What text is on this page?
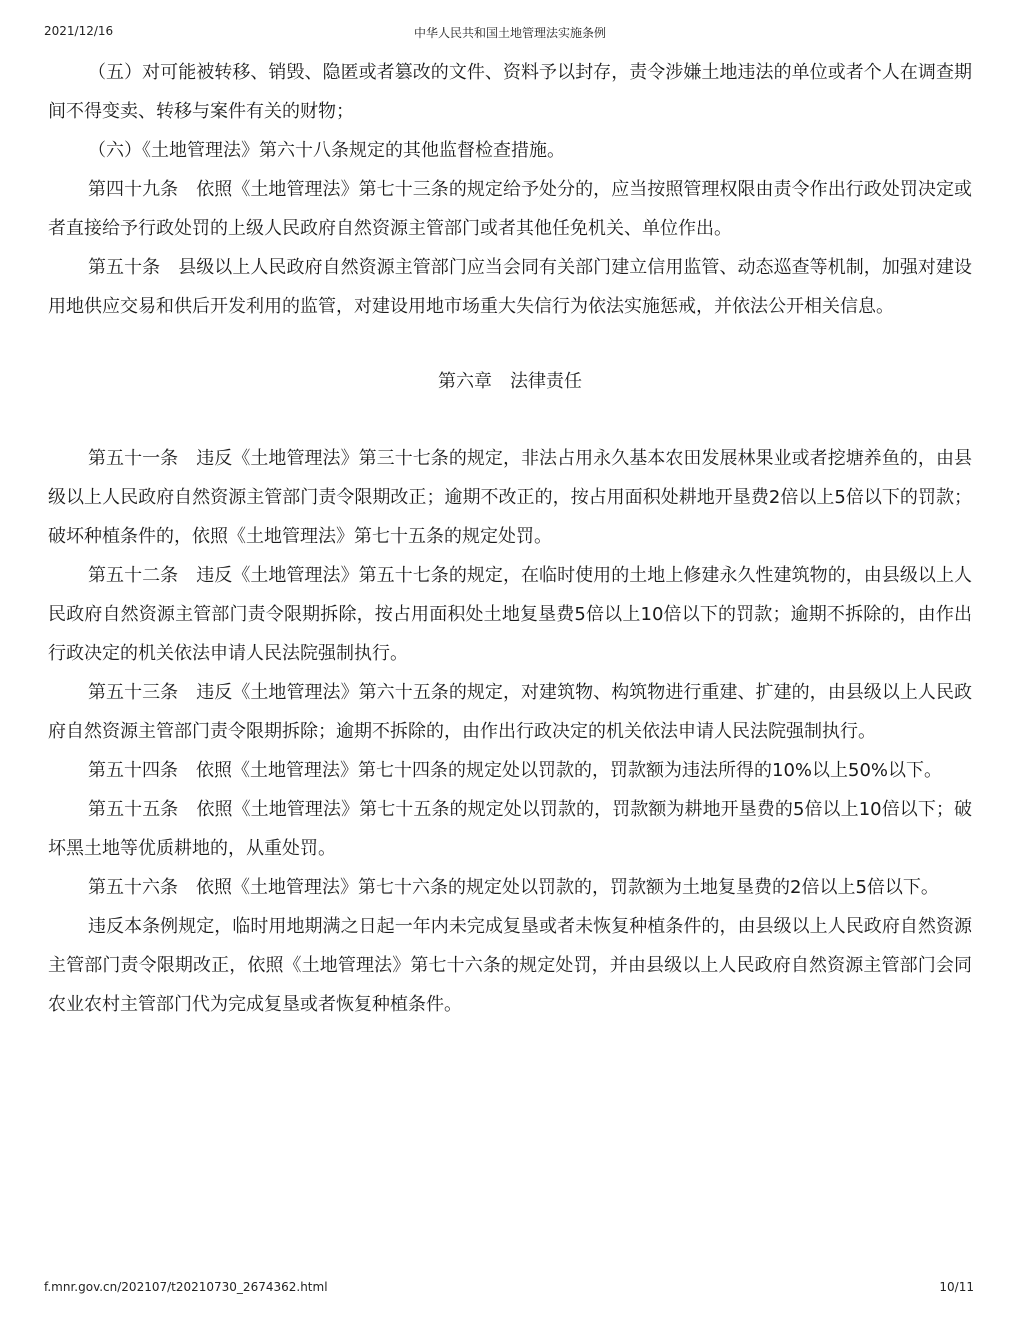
2021/12/16	中华人民共和国土地管理法实施条例

（五）对可能被转移、销毁、隐匿或者篡改的文件、资料予以封存，责令涉嫌土地违法的单位或者个人在调查期间不得变卖、转移与案件有关的财物；

（六）《土地管理法》第六十八条规定的其他监督检查措施。

第四十九条　依照《土地管理法》第七十三条的规定给予处分的，应当按照管理权限由责令作出行政处罚决定或者直接给予行政处罚的上级人民政府自然资源主管部门或者其他任免机关、单位作出。

第五十条　县级以上人民政府自然资源主管部门应当会同有关部门建立信用监管、动态巡查等机制，加强对建设用地供应交易和供后开发利用的监管，对建设用地市场重大失信行为依法实施惩戒，并依法公开相关信息。

第六章　法律责任

第五十一条　违反《土地管理法》第三十七条的规定，非法占用永久基本农田发展林果业或者挖塘养鱼的，由县级以上人民政府自然资源主管部门责令限期改正；逾期不改正的，按占用面积处耕地开垦费2倍以上5倍以下的罚款；破坏种植条件的，依照《土地管理法》第七十五条的规定处罚。

第五十二条　违反《土地管理法》第五十七条的规定，在临时使用的土地上修建永久性建筑物的，由县级以上人民政府自然资源主管部门责令限期拆除，按占用面积处土地复垦费5倍以上10倍以下的罚款；逾期不拆除的，由作出行政决定的机关依法申请人民法院强制执行。

第五十三条　违反《土地管理法》第六十五条的规定，对建筑物、构筑物进行重建、扩建的，由县级以上人民政府自然资源主管部门责令限期拆除；逾期不拆除的，由作出行政决定的机关依法申请人民法院强制执行。

第五十四条　依照《土地管理法》第七十四条的规定处以罚款的，罚款额为违法所得的10%以上50%以下。

第五十五条　依照《土地管理法》第七十五条的规定处以罚款的，罚款额为耕地开垦费的5倍以上10倍以下；破坏黑土地等优质耕地的，从重处罚。

第五十六条　依照《土地管理法》第七十六条的规定处以罚款的，罚款额为土地复垦费的2倍以上5倍以下。

违反本条例规定，临时用地期满之日起一年内未完成复垦或者未恢复种植条件的，由县级以上人民政府自然资源主管部门责令限期改正，依照《土地管理法》第七十六条的规定处罚，并由县级以上人民政府自然资源主管部门会同农业农村主管部门代为完成复垦或者恢复种植条件。

f.mnr.gov.cn/202107/t20210730_2674362.html	10/11
